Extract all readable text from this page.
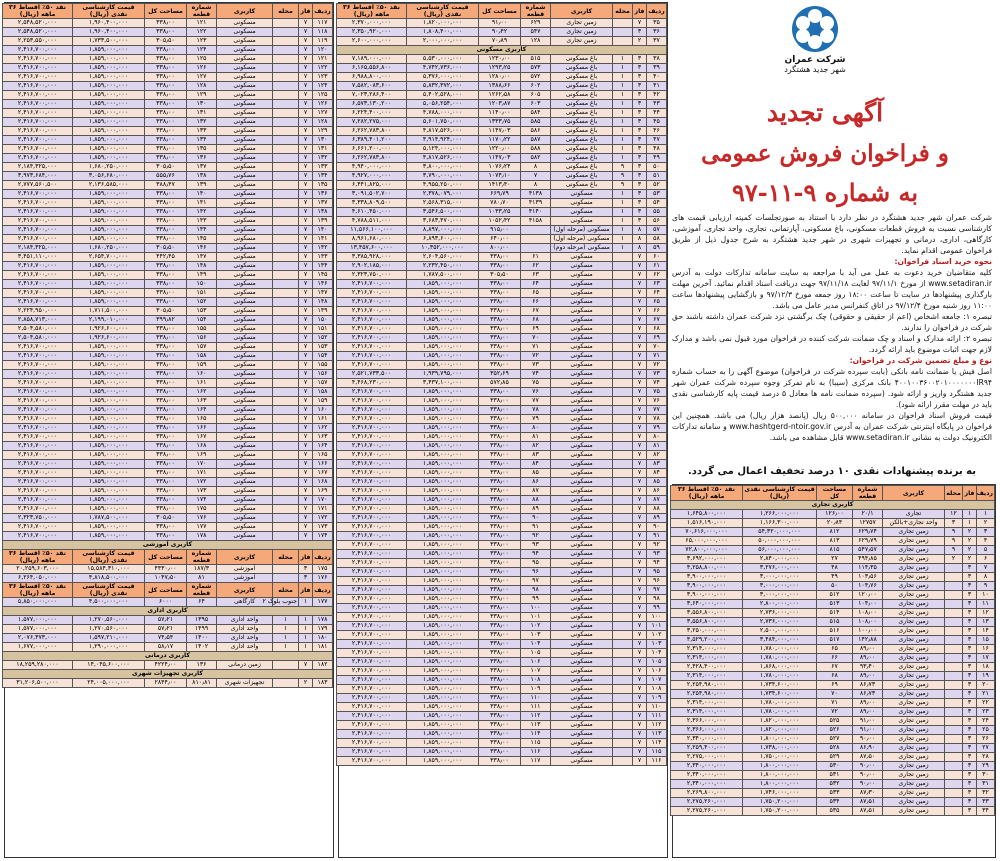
ردیف	فاز	محله	کاربری	شماره قطعه	مساحت کل	قیمت کارشناسی نقدی (ریال)	نقد ۵۰٪ اقساط ۳۶ ماهه (ریال)
۱۱۷	۷		مسکونی	۱۲۱	۳۳۸٫۰۰	۱,۹۶۰,۴۰۰,۰۰۰	۲,۵۴۸,۵۲۰,۰۰۰
۱۱۸	۷		مسکونی	۱۲۲	۳۳۸٫۰۰	۱,۹۶۰,۴۰۰,۰۰۰	۲,۵۴۸,۵۲۰,۰۰۰
۱۱۹	۷		مسکونی	۱۲۳	۳۰۵٫۵۰	۱,۷۳۳,۵۰۰,۰۰۰	۲,۲۵۳,۵۵۰,۰۰۰
۱۲۰	۷		مسکونی	۱۲۴	۳۳۸٫۰۰	۱,۸۵۹,۰۰۰,۰۰۰	۲,۴۱۶,۷۰۰,۰۰۰
۱۲۱	۷		مسکونی	۱۲۵	۳۳۸٫۰۰	۱,۸۵۹,۰۰۰,۰۰۰	۲,۴۱۶,۷۰۰,۰۰۰
۱۲۲	۷		مسکونی	۱۲۶	۳۳۸٫۰۰	۱,۸۵۹,۰۰۰,۰۰۰	۲,۴۱۶,۷۰۰,۰۰۰
۱۲۳	۷		مسکونی	۱۲۷	۳۳۸٫۰۰	۱,۸۵۹,۰۰۰,۰۰۰	۲,۴۱۶,۷۰۰,۰۰۰
۱۲۴	۷		مسکونی	۱۲۸	۳۳۸٫۰۰	۱,۸۵۹,۰۰۰,۰۰۰	۲,۴۱۶,۷۰۰,۰۰۰
۱۲۵	۷		مسکونی	۱۲۹	۳۳۸٫۰۰	۱,۸۵۹,۰۰۰,۰۰۰	۲,۴۱۶,۷۰۰,۰۰۰
۱۲۶	۷		مسکونی	۱۳۰	۳۳۸٫۰۰	۱,۸۵۹,۰۰۰,۰۰۰	۲,۴۱۶,۷۰۰,۰۰۰
۱۲۷	۷		مسکونی	۱۳۱	۳۳۸٫۰۰	۱,۸۵۹,۰۰۰,۰۰۰	۲,۴۱۶,۷۰۰,۰۰۰
۱۲۸	۷		مسکونی	۱۳۲	۳۳۸٫۰۰	۱,۸۵۹,۰۰۰,۰۰۰	۲,۴۱۶,۷۰۰,۰۰۰
۱۲۹	۷		مسکونی	۱۳۳	۳۳۸٫۰۰	۱,۸۵۹,۰۰۰,۰۰۰	۲,۴۱۶,۷۰۰,۰۰۰
۱۳۰	۷		مسکونی	۱۳۴	۳۳۸٫۰۰	۱,۸۵۹,۰۰۰,۰۰۰	۲,۴۱۶,۷۰۰,۰۰۰
۱۳۱	۷		مسکونی	۱۳۵	۳۳۸٫۰۰	۱,۸۵۹,۰۰۰,۰۰۰	۲,۴۱۶,۷۰۰,۰۰۰
۱۳۲	۷		مسکونی	۱۳۶	۳۳۸٫۰۰	۱,۸۵۹,۰۰۰,۰۰۰	۲,۴۱۶,۷۰۰,۰۰۰
۱۳۳	۷		مسکونی	۱۳۷	۳۰۵٫۵۰	۱,۶۸۰,۲۵۰,۰۰۰	۲,۱۸۴,۳۲۵,۰۰۰
۱۳۴	۷		مسکونی	۱۳۸	۵۵۵٫۷۶	۳,۰۵۶,۶۸۰,۰۰۰	۳,۹۷۳,۶۸۴,۰۰۰
۱۳۵	۷		مسکونی	۱۳۹	۳۸۸٫۴۷	۲,۱۳۶,۵۸۵,۰۰۰	۲,۷۷۷,۵۶۰,۵۰۰
۱۳۶	۷		مسکونی	۱۴۰	۳۳۸٫۰۰	۱,۸۵۹,۰۰۰,۰۰۰	۲,۴۱۶,۷۰۰,۰۰۰
۱۳۷	۷		مسکونی	۱۴۱	۳۳۸٫۰۰	۱,۸۵۹,۰۰۰,۰۰۰	۲,۴۱۶,۷۰۰,۰۰۰
۱۳۸	۷		مسکونی	۱۴۲	۳۳۸٫۰۰	۱,۸۵۹,۰۰۰,۰۰۰	۲,۴۱۶,۷۰۰,۰۰۰
۱۳۹	۷		مسکونی	۱۴۳	۳۳۸٫۰۰	۱,۸۵۹,۰۰۰,۰۰۰	۲,۴۱۶,۷۰۰,۰۰۰
۱۴۰	۷		مسکونی	۱۴۴	۳۳۸٫۰۰	۱,۸۵۹,۰۰۰,۰۰۰	۲,۴۱۶,۷۰۰,۰۰۰
۱۴۱	۷		مسکونی	۱۴۵	۳۳۸٫۰۰	۱,۸۵۹,۰۰۰,۰۰۰	۲,۴۱۶,۷۰۰,۰۰۰
۱۴۲	۷		مسکونی	۱۴۶	۳۰۵٫۵۰	۱,۶۸۰,۲۵۰,۰۰۰	۲,۱۸۴,۳۲۵,۰۰۰
۱۴۳	۷		مسکونی	۱۴۷	۴۴۲٫۴۵	۲,۶۵۴,۷۰۰,۰۰۰	۳,۴۵۱,۱۱۰,۰۰۰
۱۴۴	۷		مسکونی	۱۴۸	۳۳۸٫۰۰	۱,۸۵۹,۰۰۰,۰۰۰	۲,۴۱۶,۷۰۰,۰۰۰
۱۴۵	۷		مسکونی	۱۴۹	۳۳۸٫۰۰	۱,۸۵۹,۰۰۰,۰۰۰	۲,۴۱۶,۷۰۰,۰۰۰
۱۴۶	۷		مسکونی	۱۵۰	۳۳۸٫۰۰	۱,۸۵۹,۰۰۰,۰۰۰	۲,۴۱۶,۷۰۰,۰۰۰
۱۴۷	۷		مسکونی	۱۵۱	۳۳۸٫۰۰	۱,۸۵۹,۰۰۰,۰۰۰	۲,۴۱۶,۷۰۰,۰۰۰
۱۴۸	۷		مسکونی	۱۵۲	۳۳۸٫۰۰	۱,۸۵۹,۰۰۰,۰۰۰	۲,۴۱۶,۷۰۰,۰۰۰
۱۴۹	۷		مسکونی	۱۵۳	۳۰۵٫۵۰	۱,۷۱۱,۵۰۰,۰۰۰	۲,۲۲۴,۹۵۰,۰۰۰
۱۵۰	۷		مسکونی	۱۵۴	۳۹۹٫۸۲	۲,۱۹۹,۰۱۰,۰۰۰	۲,۸۵۸,۷۱۳,۰۰۰
۱۵۱	۷		مسکونی	۱۵۵	۳۳۸٫۰۰	۱,۹۲۶,۶۰۰,۰۰۰	۲,۵۰۴,۵۸۰,۰۰۰
۱۵۲	۷		مسکونی	۱۵۶	۳۳۸٫۰۰	۱,۹۲۶,۶۰۰,۰۰۰	۲,۵۰۴,۵۸۰,۰۰۰
۱۵۳	۷		مسکونی	۱۵۷	۳۳۸٫۰۰	۱,۸۵۹,۰۰۰,۰۰۰	۲,۴۱۶,۷۰۰,۰۰۰
۱۵۴	۷		مسکونی	۱۵۸	۳۳۸٫۰۰	۱,۸۵۹,۰۰۰,۰۰۰	۲,۴۱۶,۷۰۰,۰۰۰
۱۵۵	۷		مسکونی	۱۵۹	۳۳۸٫۰۰	۱,۸۵۹,۰۰۰,۰۰۰	۲,۴۱۶,۷۰۰,۰۰۰
۱۵۶	۷		مسکونی	۱۶۰	۳۳۸٫۰۰	۱,۸۵۹,۰۰۰,۰۰۰	۲,۴۱۶,۷۰۰,۰۰۰
۱۵۷	۷		مسکونی	۱۶۱	۳۳۸٫۰۰	۱,۸۵۹,۰۰۰,۰۰۰	۲,۴۱۶,۷۰۰,۰۰۰
۱۵۸	۷		مسکونی	۱۶۲	۳۳۸٫۰۰	۱,۸۵۹,۰۰۰,۰۰۰	۲,۴۱۶,۷۰۰,۰۰۰
۱۵۹	۷		مسکونی	۱۶۳	۳۳۸٫۰۰	۱,۸۵۹,۰۰۰,۰۰۰	۲,۴۱۶,۷۰۰,۰۰۰
۱۶۰	۷		مسکونی	۱۶۴	۳۳۸٫۰۰	۱,۸۵۹,۰۰۰,۰۰۰	۲,۴۱۶,۷۰۰,۰۰۰
۱۶۱	۷		مسکونی	۱۶۵	۳۳۸٫۰۰	۱,۸۵۹,۰۰۰,۰۰۰	۲,۴۱۶,۷۰۰,۰۰۰
۱۶۲	۷		مسکونی	۱۶۶	۳۳۸٫۰۰	۱,۸۵۹,۰۰۰,۰۰۰	۲,۴۱۶,۷۰۰,۰۰۰
۱۶۳	۷		مسکونی	۱۶۷	۳۳۸٫۰۰	۱,۸۵۹,۰۰۰,۰۰۰	۲,۴۱۶,۷۰۰,۰۰۰
۱۶۴	۷		مسکونی	۱۶۸	۳۳۸٫۰۰	۱,۸۵۹,۰۰۰,۰۰۰	۲,۴۱۶,۷۰۰,۰۰۰
۱۶۵	۷		مسکونی	۱۶۹	۳۳۸٫۰۰	۱,۸۵۹,۰۰۰,۰۰۰	۲,۴۱۶,۷۰۰,۰۰۰
۱۶۶	۷		مسکونی	۱۷۰	۳۳۸٫۰۰	۱,۸۵۹,۰۰۰,۰۰۰	۲,۴۱۶,۷۰۰,۰۰۰
۱۶۷	۷		مسکونی	۱۷۱	۳۳۸٫۰۰	۱,۸۵۹,۰۰۰,۰۰۰	۲,۴۱۶,۷۰۰,۰۰۰
۱۶۸	۷		مسکونی	۱۷۲	۳۳۸٫۰۰	۱,۸۵۹,۰۰۰,۰۰۰	۲,۴۱۶,۷۰۰,۰۰۰
۱۶۹	۷		مسکونی	۱۷۳	۳۳۸٫۰۰	۱,۸۵۹,۰۰۰,۰۰۰	۲,۴۱۶,۷۰۰,۰۰۰
۱۷۰	۷		مسکونی	۱۷۴	۳۳۸٫۰۰	۱,۸۵۹,۰۰۰,۰۰۰	۲,۴۱۶,۷۰۰,۰۰۰
۱۷۱	۷		مسکونی	۱۷۵	۳۳۸٫۰۰	۱,۸۵۹,۰۰۰,۰۰۰	۲,۴۱۶,۷۰۰,۰۰۰
۱۷۲	۷		مسکونی	۱۷۶	۳۰۵٫۵۰	۱,۷۸۷,۵۰۰,۰۰۰	۲,۳۲۳,۷۵۰,۰۰۰
۱۷۳	۷		مسکونی	۱۷۷	۳۳۸٫۰۰	۱,۸۵۹,۰۰۰,۰۰۰	۲,۴۱۶,۷۰۰,۰۰۰
۱۷۴	۷		مسکونی	۱۷۸	۳۳۸٫۰۰	۱,۸۵۹,۰۰۰,۰۰۰	۲,۴۱۶,۷۰۰,۰۰۰
کاربری آموزشی							
ردیف	فاز	محله	کاربری	شماره قطعه	مساحت کل	قیمت کارشناسی نقدی (ریال)	نقد ۵۰٪ اقساط ۳۶ ماهه (ریال)
۱۷۵	۳		آموزشی	۱۸۷/۳	۴۴۳۰٫۰۰	۱۵,۵۸۴,۳۱۰,۰۰۰	۲۰,۲۵۹,۶۰۳,۰۰۰
۱۷۶	۳		آموزشی	۸۱	۱۰۴۷٫۵۰	۴,۸۱۸,۵۰۰,۰۰۰	۶,۲۶۴,۰۵۰,۰۰۰
ردیف	فاز	محله	کاربری	شماره قطعه	مساحت کل	قیمت کارشناسی نقدی (ریال)	نقد ۵۰٪ اقساط ۳۶ ماهه (ریال)
۱۷۷	۱	جنوب بلوک ۲	کارگاهی	۶۴	۶۰۰۰	۴,۵۰۰,۰۰۰,۰۰۰	۵,۸۵۰,۰۰۰,۰۰۰
کاربری اداری							
۱۷۸	۱	۱	واحد اداری	۱۳۹۵	۵۷٫۲۱	۱,۲۷۰,۵۶۰,۰۰۰	۱,۵۷۷,۰۰۰,۰۰۰
۱۷۹	۱	۱	واحد اداری	۱۴۹۹	۵۷٫۲۱	۱,۲۷۰,۵۶۰,۰۰۰	۱,۵۷۷,۰۰۰,۰۰۰
۱۸۰	۱	۱	واحد اداری	۱۴۰۰	۷۴٫۵۴	۱,۵۹۷,۲۱۰,۰۰۰	۲,۰۷۶,۳۷۳,۰۰۰
۱۸۱	۱	۱	واحد اداری	۱۴۰۲	۵۸٫۱۷	۱,۲۹۰,۰۰۰,۰۰۰	۱,۶۷۷,۰۰۰,۰۰۰
کاربری درمانی							
۱۸۲	۷		زمین درمانی	۱۳۶	۴۲۲۴٫۰۰	۱۴,۰۴۵,۶۰۰,۰۰۰	۱۸,۲۵۹,۲۸۰,۰۰۰
کاربری تجهیزات شهری							
۱۸۳	۲		تجهیزات شهری	۸۱۰٫۸۱	۲۸۴۴٫۰۰	۲۴,۰۰۵,۰۰۰,۰۰۰	۳۱,۲۰۶,۵۰۰,۰۰۰
ردیف	فاز	محله	کاربری	شماره قطعه	مساحت کل	قیمت کارشناسی نقدی (ریال)	نقد ۵۰٪ اقساط ۳۶ ماهه (ریال)
۳۵	۷		زمین تجاری	۶۲۹	۹۱٫۰۰	۱,۸۲۰,۰۰۰,۰۰۰	۲,۳۷۰,۰۰۰,۰۰۰
۳۶	۳		زمین تجاری	۵۴۷	۹۰٫۴۲	۱,۸۰۸,۴۰۰,۰۰۰	۲,۳۵۰,۹۲۰,۰۰۰
۳۷	۲		زمین تجاری	۱۲۸	۷۰٫۸۹	۲,۰۰۰,۰۰۰,۰۰۰	۲,۶۰۰,۰۰۰,۰۰۰
کاربری مسکونی							
۳۸	۳	۱	باغ مسکونی	۵۱۵	۱۲۳۰٫۰۰	۵,۵۳۰,۰۰۰,۰۰۰	۷,۱۸۹,۰۰۰,۰۰۰
۳۹	۳	۱	باغ مسکونی	۵۷۳	۱۲۹۳٫۲۵	۴,۷۴۲,۷۳۶,۰۰۰	۶,۱۶۵,۵۵۶,۸۰۰
۴۰	۳	۱	باغ مسکونی	۵۷۲	۱۲۸۰٫۰۰	۵,۳۷۶,۰۰۰,۰۰۰	۶,۹۸۸,۸۰۰,۰۰۰
۴۱	۳	۱	باغ مسکونی	۶۰۲	۱۳۸۸٫۶۶	۵,۸۳۲,۳۷۲,۰۰۰	۷,۵۸۲,۰۸۳,۶۰۰
۴۲	۳	۱	باغ مسکونی	۶۰۵	۱۲۶۲٫۵۸	۵,۴۰۲,۵۲۸,۰۰۰	۷,۰۲۳,۲۸۶,۴۰۰
۴۳	۳	۱	باغ مسکونی	۶۰۳	۱۲۰۳٫۸۷	۵,۰۵۶,۲۵۴,۰۰۰	۶,۵۷۳,۱۳۰,۲۰۰
۴۴	۳	۱	باغ مسکونی	۵۸۴	۱۱۴۰٫۰۰	۴,۷۸۸,۰۰۰,۰۰۰	۶,۲۲۴,۴۰۰,۰۰۰
۴۵	۳	۱	باغ مسکونی	۵۸۵	۱۳۳۳٫۷۵	۵,۶۰۱,۷۵۰,۰۰۰	۷,۲۸۲,۲۷۵,۰۰۰
۴۶	۳	۱	باغ مسکونی	۵۸۶	۱۱۴۷٫۰۳	۴,۸۱۷,۵۲۶,۰۰۰	۶,۲۶۲,۷۸۳,۸۰۰
۴۷	۳	۱	باغ مسکونی	۵۸۷	۱۱۷۰٫۲۲	۴,۹۱۴,۹۲۴,۰۰۰	۶,۳۸۹,۴۰۱,۲۰۰
۴۸	۳	۱	باغ مسکونی	۵۸۸	۱۲۲۰٫۰۰	۵,۱۲۴,۰۰۰,۰۰۰	۶,۶۶۱,۲۰۰,۰۰۰
۴۹	۳	۱	باغ مسکونی	۵۸۲	۱۱۴۷٫۰۳	۴,۸۱۷,۵۲۶,۰۰۰	۶,۲۶۲,۷۸۳,۸۰۰
۵۰	۳	۹	باغ مسکونی	۸	۱۰۷۶٫۲۴	۳,۸۰۰,۰۰۰,۰۰۰	۴,۹۴۰,۰۰۰,۰۰۰
۵۱	۳	۹	باغ مسکونی	۷	۱۰۷۴٫۱۰	۳,۷۹۰,۰۰۰,۰۰۰	۴,۹۲۷,۰۰۰,۰۰۰
۵۲	۳	۹	باغ مسکونی	۸	۱۴۱۳٫۴۰	۴,۹۵۵,۲۵۰,۰۰۰	۶,۴۴۱,۸۲۵,۰۰۰
۵۳	۳	۱	مسکونی	۴۱۳۸	۶۶۹٫۷۹	۲,۳۷۸,۰۷۹,۰۰۰	۳,۰۹۱,۵۰۲,۷۰۰
۵۴	۳	۱	مسکونی	۴۱۳۹	۷۸۰٫۷۰	۲,۵۶۸,۳۱۵,۰۰۰	۳,۳۳۸,۸۰۹,۵۰۰
۵۵	۳	۱	مسکونی	۴۱۴۰	۱۰۳۳٫۲۵	۳,۵۴۶,۵۰۰,۰۰۰	۴,۶۱۰,۴۵۰,۰۰۰
۵۶	۳	۱	مسکونی	۴۱۵۸	۱۰۵۲٫۴۲	۳,۶۸۳,۴۷۰,۰۰۰	۴,۷۸۸,۵۱۱,۰۰۰
۵۷	۸	۱	مسکونی (مرحله اول)		۹۱۵٫۰۰	۸,۸۹۷,۰۰۰,۰۰۰	۱۱,۵۶۶,۱۰۰,۰۰۰
۵۸	۸	۱	مسکونی (مرحله اول)		۶۴۰٫۰۰	۶,۸۹۳,۶۰۰,۰۰۰	۸,۹۶۱,۶۸۰,۰۰۰
۵۹	۸	۱	مسکونی (مرحله دوم)		۸۰۰٫۰۰	۱۰,۳۵۲,۰۰۰,۰۰۰	۱۳,۴۵۷,۶۰۰,۰۰۰
۶۰	۷		مسکونی	۶۱	۳۳۸٫۰۰	۲,۶۰۴,۵۶۰,۰۰۰	۳,۳۸۵,۹۲۸,۰۰۰
۶۱	۷		مسکونی	۶۲	۳۳۸٫۰۰	۲,۲۳۲,۴۵۰,۰۰۰	۲,۹۰۲,۱۸۵,۰۰۰
۶۲	۷		مسکونی	۶۳	۳۰۵٫۵۰	۱,۷۸۷,۵۰۰,۰۰۰	۲,۳۲۳,۷۵۰,۰۰۰
۶۳	۷		مسکونی	۶۴	۳۳۸٫۰۰	۱,۸۵۹,۰۰۰,۰۰۰	۲,۴۱۶,۷۰۰,۰۰۰
۶۴	۷		مسکونی	۶۵	۳۳۸٫۰۰	۱,۸۵۹,۰۰۰,۰۰۰	۲,۴۱۶,۷۰۰,۰۰۰
۶۵	۷		مسکونی	۶۶	۳۳۸٫۰۰	۱,۸۵۹,۰۰۰,۰۰۰	۲,۴۱۶,۷۰۰,۰۰۰
۶۶	۷		مسکونی	۶۷	۳۳۸٫۰۰	۱,۸۵۹,۰۰۰,۰۰۰	۲,۴۱۶,۷۰۰,۰۰۰
۶۷	۷		مسکونی	۶۸	۳۳۸٫۰۰	۱,۸۵۹,۰۰۰,۰۰۰	۲,۴۱۶,۷۰۰,۰۰۰
۶۸	۷		مسکونی	۶۹	۳۳۸٫۰۰	۱,۸۵۹,۰۰۰,۰۰۰	۲,۴۱۶,۷۰۰,۰۰۰
۶۹	۷		مسکونی	۷۰	۳۳۸٫۰۰	۱,۸۵۹,۰۰۰,۰۰۰	۲,۴۱۶,۷۰۰,۰۰۰
۷۰	۷		مسکونی	۷۱	۳۳۸٫۰۰	۱,۸۵۹,۰۰۰,۰۰۰	۲,۴۱۶,۷۰۰,۰۰۰
۷۱	۷		مسکونی	۷۲	۳۳۸٫۰۰	۱,۸۵۹,۰۰۰,۰۰۰	۲,۴۱۶,۷۰۰,۰۰۰
۷۲	۷		مسکونی	۷۳	۳۳۸٫۰۰	۱,۸۵۹,۰۰۰,۰۰۰	۲,۴۱۶,۷۰۰,۰۰۰
۷۳	۷		مسکونی	۷۴	۳۵۲٫۶۹	۱,۹۳۹,۷۹۵,۰۰۰	۲,۵۲۱,۷۳۳,۵۰۰
۷۴	۷		مسکونی	۷۵	۵۷۲٫۸۵	۳,۴۳۷,۱۰۰,۰۰۰	۴,۴۶۸,۲۳۰,۰۰۰
۷۵	۷		مسکونی	۷۶	۳۳۸٫۰۰	۱,۸۵۹,۰۰۰,۰۰۰	۲,۴۱۶,۷۰۰,۰۰۰
۷۶	۷		مسکونی	۷۷	۳۳۸٫۰۰	۱,۸۵۹,۰۰۰,۰۰۰	۲,۴۱۶,۷۰۰,۰۰۰
۷۷	۷		مسکونی	۷۸	۳۳۸٫۰۰	۱,۸۵۹,۰۰۰,۰۰۰	۲,۴۱۶,۷۰۰,۰۰۰
۷۸	۷		مسکونی	۷۹	۳۳۸٫۰۰	۱,۸۵۹,۰۰۰,۰۰۰	۲,۴۱۶,۷۰۰,۰۰۰
۷۹	۷		مسکونی	۸۰	۳۳۸٫۰۰	۱,۸۵۹,۰۰۰,۰۰۰	۲,۴۱۶,۷۰۰,۰۰۰
۸۰	۷		مسکونی	۸۱	۳۳۸٫۰۰	۱,۸۵۹,۰۰۰,۰۰۰	۲,۴۱۶,۷۰۰,۰۰۰
۸۱	۷		مسکونی	۸۲	۳۳۸٫۰۰	۱,۸۵۹,۰۰۰,۰۰۰	۲,۴۱۶,۷۰۰,۰۰۰
۸۲	۷		مسکونی	۸۳	۳۳۸٫۰۰	۱,۸۵۹,۰۰۰,۰۰۰	۲,۴۱۶,۷۰۰,۰۰۰
۸۳	۷		مسکونی	۸۴	۳۳۸٫۰۰	۱,۸۵۹,۰۰۰,۰۰۰	۲,۴۱۶,۷۰۰,۰۰۰
۸۴	۷		مسکونی	۸۵	۳۳۸٫۰۰	۱,۸۵۹,۰۰۰,۰۰۰	۲,۴۱۶,۷۰۰,۰۰۰
۸۵	۷		مسکونی	۸۶	۳۳۸٫۰۰	۱,۸۵۹,۰۰۰,۰۰۰	۲,۴۱۶,۷۰۰,۰۰۰
۸۶	۷		مسکونی	۸۷	۳۳۸٫۰۰	۱,۸۵۹,۰۰۰,۰۰۰	۲,۴۱۶,۷۰۰,۰۰۰
۸۷	۷		مسکونی	۸۸	۳۳۸٫۰۰	۱,۸۵۹,۰۰۰,۰۰۰	۲,۴۱۶,۷۰۰,۰۰۰
۸۸	۷		مسکونی	۸۹	۳۳۸٫۰۰	۱,۸۵۹,۰۰۰,۰۰۰	۲,۴۱۶,۷۰۰,۰۰۰
۸۹	۷		مسکونی	۹۰	۳۳۸٫۰۰	۱,۸۵۹,۰۰۰,۰۰۰	۲,۴۱۶,۷۰۰,۰۰۰
۹۰	۷		مسکونی	۹۱	۳۳۸٫۰۰	۱,۸۵۹,۰۰۰,۰۰۰	۲,۴۱۶,۷۰۰,۰۰۰
۹۱	۷		مسکونی	۹۲	۳۳۸٫۰۰	۱,۸۵۹,۰۰۰,۰۰۰	۲,۴۱۶,۷۰۰,۰۰۰
۹۲	۷		مسکونی	۹۳	۳۳۸٫۰۰	۱,۸۵۹,۰۰۰,۰۰۰	۲,۴۱۶,۷۰۰,۰۰۰
۹۳	۷		مسکونی	۹۴	۳۳۸٫۰۰	۱,۸۵۹,۰۰۰,۰۰۰	۲,۴۱۶,۷۰۰,۰۰۰
۹۴	۷		مسکونی	۹۵	۳۳۸٫۰۰	۱,۸۵۹,۰۰۰,۰۰۰	۲,۴۱۶,۷۰۰,۰۰۰
۹۵	۷		مسکونی	۹۶	۳۳۸٫۰۰	۱,۸۵۹,۰۰۰,۰۰۰	۲,۴۱۶,۷۰۰,۰۰۰
۹۶	۷		مسکونی	۹۷	۳۳۸٫۰۰	۱,۸۵۹,۰۰۰,۰۰۰	۲,۴۱۶,۷۰۰,۰۰۰
۹۷	۷		مسکونی	۹۸	۳۳۸٫۰۰	۱,۸۵۹,۰۰۰,۰۰۰	۲,۴۱۶,۷۰۰,۰۰۰
۹۸	۷		مسکونی	۹۹	۳۳۸٫۰۰	۱,۸۵۹,۰۰۰,۰۰۰	۲,۴۱۶,۷۰۰,۰۰۰
۹۹	۷		مسکونی	۱۰۰	۳۳۸٫۰۰	۱,۸۵۹,۰۰۰,۰۰۰	۲,۴۱۶,۷۰۰,۰۰۰
۱۰۰	۷		مسکونی	۱۰۱	۳۳۸٫۰۰	۱,۸۵۹,۰۰۰,۰۰۰	۲,۴۱۶,۷۰۰,۰۰۰
۱۰۱	۷		مسکونی	۱۰۲	۳۳۸٫۰۰	۱,۸۵۹,۰۰۰,۰۰۰	۲,۴۱۶,۷۰۰,۰۰۰
۱۰۲	۷		مسکونی	۱۰۳	۳۳۸٫۰۰	۱,۸۵۹,۰۰۰,۰۰۰	۲,۴۱۶,۷۰۰,۰۰۰
۱۰۳	۷		مسکونی	۱۰۴	۳۳۸٫۰۰	۱,۸۵۹,۰۰۰,۰۰۰	۲,۴۱۶,۷۰۰,۰۰۰
۱۰۴	۷		مسکونی	۱۰۵	۳۳۸٫۰۰	۱,۸۵۹,۰۰۰,۰۰۰	۲,۴۱۶,۷۰۰,۰۰۰
۱۰۵	۷		مسکونی	۱۰۶	۳۳۸٫۰۰	۱,۸۵۹,۰۰۰,۰۰۰	۲,۴۱۶,۷۰۰,۰۰۰
۱۰۶	۷		مسکونی	۱۰۷	۳۳۸٫۰۰	۱,۸۵۹,۰۰۰,۰۰۰	۲,۴۱۶,۷۰۰,۰۰۰
۱۰۷	۷		مسکونی	۱۰۸	۳۳۸٫۰۰	۱,۸۵۹,۰۰۰,۰۰۰	۲,۴۱۶,۷۰۰,۰۰۰
۱۰۸	۷		مسکونی	۱۰۹	۳۳۸٫۰۰	۱,۸۵۹,۰۰۰,۰۰۰	۲,۴۱۶,۷۰۰,۰۰۰
۱۰۹	۷		مسکونی	۱۱۰	۳۳۸٫۰۰	۱,۸۵۹,۰۰۰,۰۰۰	۲,۴۱۶,۷۰۰,۰۰۰
۱۱۰	۷		مسکونی	۱۱۱	۳۳۸٫۰۰	۱,۸۵۹,۰۰۰,۰۰۰	۲,۴۱۶,۷۰۰,۰۰۰
۱۱۱	۷		مسکونی	۱۱۲	۳۳۸٫۰۰	۱,۸۵۹,۰۰۰,۰۰۰	۲,۴۱۶,۷۰۰,۰۰۰
۱۱۲	۷		مسکونی	۱۱۳	۳۳۸٫۰۰	۱,۸۵۹,۰۰۰,۰۰۰	۲,۴۱۶,۷۰۰,۰۰۰
۱۱۳	۷		مسکونی	۱۱۴	۳۳۸٫۰۰	۱,۸۵۹,۰۰۰,۰۰۰	۲,۴۱۶,۷۰۰,۰۰۰
۱۱۴	۷		مسکونی	۱۱۵	۳۳۸٫۰۰	۱,۸۵۹,۰۰۰,۰۰۰	۲,۴۱۶,۷۰۰,۰۰۰
۱۱۵	۷		مسکونی	۱۱۶	۳۳۸٫۰۰	۱,۸۵۹,۰۰۰,۰۰۰	۲,۴۱۶,۷۰۰,۰۰۰
۱۱۶	۷		مسکونی	۱۱۷	۳۳۸٫۰۰	۱,۸۵۹,۰۰۰,۰۰۰	۲,۴۱۶,۷۰۰,۰۰۰
شرکت عمران
شهر جدید هشتگرد
آگهی تجدید
و فراخوان فروش عمومی
به شماره ۹-۱۱-۹۷

شرکت عمران شهر جدید هشتگرد در نظر دارد با استناد به صورتجلسات کمیته ارزیابی قیمت های کارشناسی نسبت به فروش قطعات مسکونی، باغ مسکونی، آپارتمانی، تجاری، واحد تجاری، آموزشی، کارگاهی، اداری، درمانی و تجهیزات شهری در شهر جدید هشتگرد به شرح جدول ذیل از طریق فراخوان عمومی اقدام نماید.

نحوه خرید اسناد فراخوان:

کلیه متقاضیان خرید دعوت به عمل می آید با مراجعه به سایت سامانه تدارکات دولت به آدرس www.setadiran.ir از مورخ ۹۷/۱۱/۱ لغایت ۹۷/۱۱/۱۸ جهت دریافت اسناد اقدام نمائید. آخرین مهلت بارگذاری پیشنهادها در سایت تا ساعت ۱۸:۰۰ روز جمعه مورخ ۹۷/۱۲/۳ و بازگشایی پیشنهادها ساعت ۱۱:۰۰ روز شنبه مورخ ۹۷/۱۲/۴ در اتاق کنفرانس مدیر عامل می باشد.

تبصره ۱: جامعه اشخاص (اعم از حقیقی و حقوقی) چک برگشتی نزد شرکت عمران داشته باشند حق شرکت در فراخوان را ندارند.

تبصره ۲: ارائه مدارک و اسناد و چک ضمانت شرکت کننده در فراخوان مورد قبول نمی باشد و مدارک لازم جهت اثبات موضوع باید ارائه گردد.

نوع و مبلغ تضمین شرکت در فراخوان:

اصل فیش یا ضمانت نامه بانکی (بابت سپرده شرکت در فراخوان) موضوع آگهی را به حساب شماره ۴۰۰۱۰۰۳۶۰۰۲۰۱۰۰۰۰۰۰۰IR۹۴ بانک مرکزی (سیبا) به نام تمرکز وجوه سپرده شرکت عمران شهر جدید هشتگرد واریز و ارائه شود. (سپرده ضمانت نامه ها معادل ۵ درصد قیمت پایه کارشناسی نقدی باید در مهلت مقرر ارائه شود).

قیمت فروش اسناد فراخوان در سامانه ۵۰۰,۰۰۰ ریال (پانصد هزار ریال) می باشد. همچنین این فراخوان در پایگاه اینترنتی شرکت عمران به آدرس www.hashtgerd-ntoir.gov.ir و سامانه تدارکات الکترونیک دولت به نشانی www.setadiran.ir قابل مشاهده می باشد.

به برنده پیشنهادات نقدی ۱۰ درصد تخفیف اعمال می گردد.
ردیف	فاز	محله	کاربری	شماره قطعه	مساحت کل	قیمت کارشناسی نقدی (ریال)	نقد ۵۰٪ اقساط ۳۶ ماهه (ریال)
کاربری تجاری							
۱	۱	۱۲	تجاری	۲۰/۱	۱۲۶٫۰۰	۱,۲۶۶,۰۰۰,۰۰۰	۱,۶۴۵,۸۰۰,۰۰۰
۲	۱	۳	واحد تجاری+بالکن	۱۲۷۵۷	۲۰٫۸۴	۱,۱۶۶,۳۰۰,۰۰۰	۱,۵۱۶,۱۹۰,۰۰۰
۳	۲	۹	زمین تجاری	۶۲۹٫۷۴	۸۱۲	۵۴,۳۲۰,۰۰۰,۰۰۰	۷۰,۶۱۶,۰۰۰,۰۰۰
۴	۲	۹	زمین تجاری	۶۲۹٫۷۹	۸۱۳	۵۰,۰۰۰,۰۰۰,۰۰۰	۶۵,۰۰۰,۰۰۰,۰۰۰
۵	۲	۹	زمین تجاری	۵۴۷٫۵۷	۸۱۵	۵۶,۰۰۰,۰۰۰,۰۰۰	۷۲,۸۰۰,۰۰۰,۰۰۰
۶	۲	۲	زمین تجاری	۴۹۴٫۸۵	۲۷	۲,۸۴۰,۰۰۰,۰۰۰	۳,۶۹۲,۰۰۰,۰۰۰
۷	۳		زمین تجاری	۱۱۴٫۳۵	۴۸	۳,۲۷۶,۰۰۰,۰۰۰	۴,۲۵۸,۸۰۰,۰۰۰
۸	۳		زمین تجاری	۱۰۳٫۵۶	۴۹	۳,۰۰۰,۰۰۰,۰۰۰	۳,۹۰۰,۰۰۰,۰۰۰
۹	۳		زمین تجاری	۱۰۴٫۷۶	۵۰	۳,۰۰۰,۰۰۰,۰۰۰	۳,۹۰۰,۰۰۰,۰۰۰
۱۰	۳		زمین تجاری	۱۲۰٫۰۰	۵۱۲	۳,۰۰۰,۰۰۰,۰۰۰	۳,۹۰۰,۰۰۰,۰۰۰
۱۱	۳		زمین تجاری	۱۰۴٫۰۰	۵۱۳	۲,۸۰۰,۰۰۰,۰۰۰	۳,۶۴۰,۰۰۰,۰۰۰
۱۲	۳		زمین تجاری	۱۰۸٫۰۰	۵۱۴	۲,۷۳۶,۰۰۰,۰۰۰	۳,۵۵۶,۸۰۰,۰۰۰
۱۳	۳		زمین تجاری	۱۰۸٫۰۰	۵۱۵	۲,۷۳۶,۰۰۰,۰۰۰	۳,۵۵۶,۸۰۰,۰۰۰
۱۴	۳		زمین تجاری	۱۰۰٫۰۰	۵۱۶	۲,۵۰۰,۰۰۰,۰۰۰	۳,۲۵۰,۰۰۰,۰۰۰
۱۵	۳		زمین تجاری	۱۴۲٫۸۸	۵۱۷	۳,۴۸۴,۰۰۰,۰۰۰	۴,۵۲۹,۲۰۰,۰۰۰
۱۶	۳		زمین تجاری	۸۹٫۰۰	۶۵	۱,۷۸۰,۰۰۰,۰۰۰	۲,۳۱۴,۰۰۰,۰۰۰
۱۷	۳		زمین تجاری	۸۹٫۰۰	۶۶	۱,۷۸۰,۰۰۰,۰۰۰	۲,۳۱۴,۰۰۰,۰۰۰
۱۸	۳		زمین تجاری	۹۳٫۴۰	۶۷	۱,۸۶۸,۰۰۰,۰۰۰	۲,۴۲۸,۴۰۰,۰۰۰
۱۹	۳		زمین تجاری	۸۹٫۰۰	۶۸	۱,۷۸۰,۰۰۰,۰۰۰	۲,۳۱۴,۰۰۰,۰۰۰
۲۰	۳		زمین تجاری	۸۶٫۷۳	۶۹	۱,۷۳۴,۶۰۰,۰۰۰	۲,۲۵۴,۹۸۰,۰۰۰
۲۱	۳		زمین تجاری	۸۶٫۷۳	۷۰	۱,۷۳۴,۶۰۰,۰۰۰	۲,۲۵۴,۹۸۰,۰۰۰
۲۲	۳		زمین تجاری	۸۹٫۰۰	۷۱	۱,۷۸۰,۰۰۰,۰۰۰	۲,۳۱۴,۰۰۰,۰۰۰
۲۳	۳		زمین تجاری	۸۹٫۰۰	۷۲	۱,۷۸۰,۰۰۰,۰۰۰	۲,۳۱۴,۰۰۰,۰۰۰
۲۴	۳		زمین تجاری	۹۱٫۰۰	۵۲۵	۱,۸۲۰,۰۰۰,۰۰۰	۲,۳۶۶,۰۰۰,۰۰۰
۲۵	۳		زمین تجاری	۹۱٫۰۰	۵۲۶	۱,۸۲۰,۰۰۰,۰۰۰	۲,۳۶۶,۰۰۰,۰۰۰
۲۶	۳		زمین تجاری	۹۰٫۰۰	۵۲۷	۱,۸۰۰,۰۰۰,۰۰۰	۲,۳۴۰,۰۰۰,۰۰۰
۲۷	۳		زمین تجاری	۸۶٫۹۰	۵۲۸	۱,۷۳۸,۰۰۰,۰۰۰	۲,۲۵۹,۴۰۰,۰۰۰
۲۸	۳		زمین تجاری	۸۷٫۵۰	۵۲۹	۱,۷۵۰,۰۰۰,۰۰۰	۲,۲۷۵,۰۰۰,۰۰۰
۲۹	۳		زمین تجاری	۹۰٫۰۰	۵۳۰	۱,۸۰۰,۰۰۰,۰۰۰	۲,۳۴۰,۰۰۰,۰۰۰
۳۰	۳		زمین تجاری	۹۰٫۰۰	۵۳۱	۱,۸۰۰,۰۰۰,۰۰۰	۲,۳۴۰,۰۰۰,۰۰۰
۳۱	۳		زمین تجاری	۹۰٫۰۰	۵۳۲	۱,۸۰۰,۰۰۰,۰۰۰	۲,۳۴۰,۰۰۰,۰۰۰
۳۲	۳		زمین تجاری	۸۷٫۳۰	۵۳۳	۱,۷۴۶,۰۰۰,۰۰۰	۲,۲۶۹,۸۰۰,۰۰۰
۳۳	۳		زمین تجاری	۸۷٫۵۱	۵۳۴	۱,۷۵۰,۲۰۰,۰۰۰	۲,۲۷۵,۲۶۰,۰۰۰
۳۴	۳		زمین تجاری	۸۷٫۵۱	۵۳۵	۱,۷۵۰,۲۰۰,۰۰۰	۲,۲۷۵,۲۶۰,۰۰۰
